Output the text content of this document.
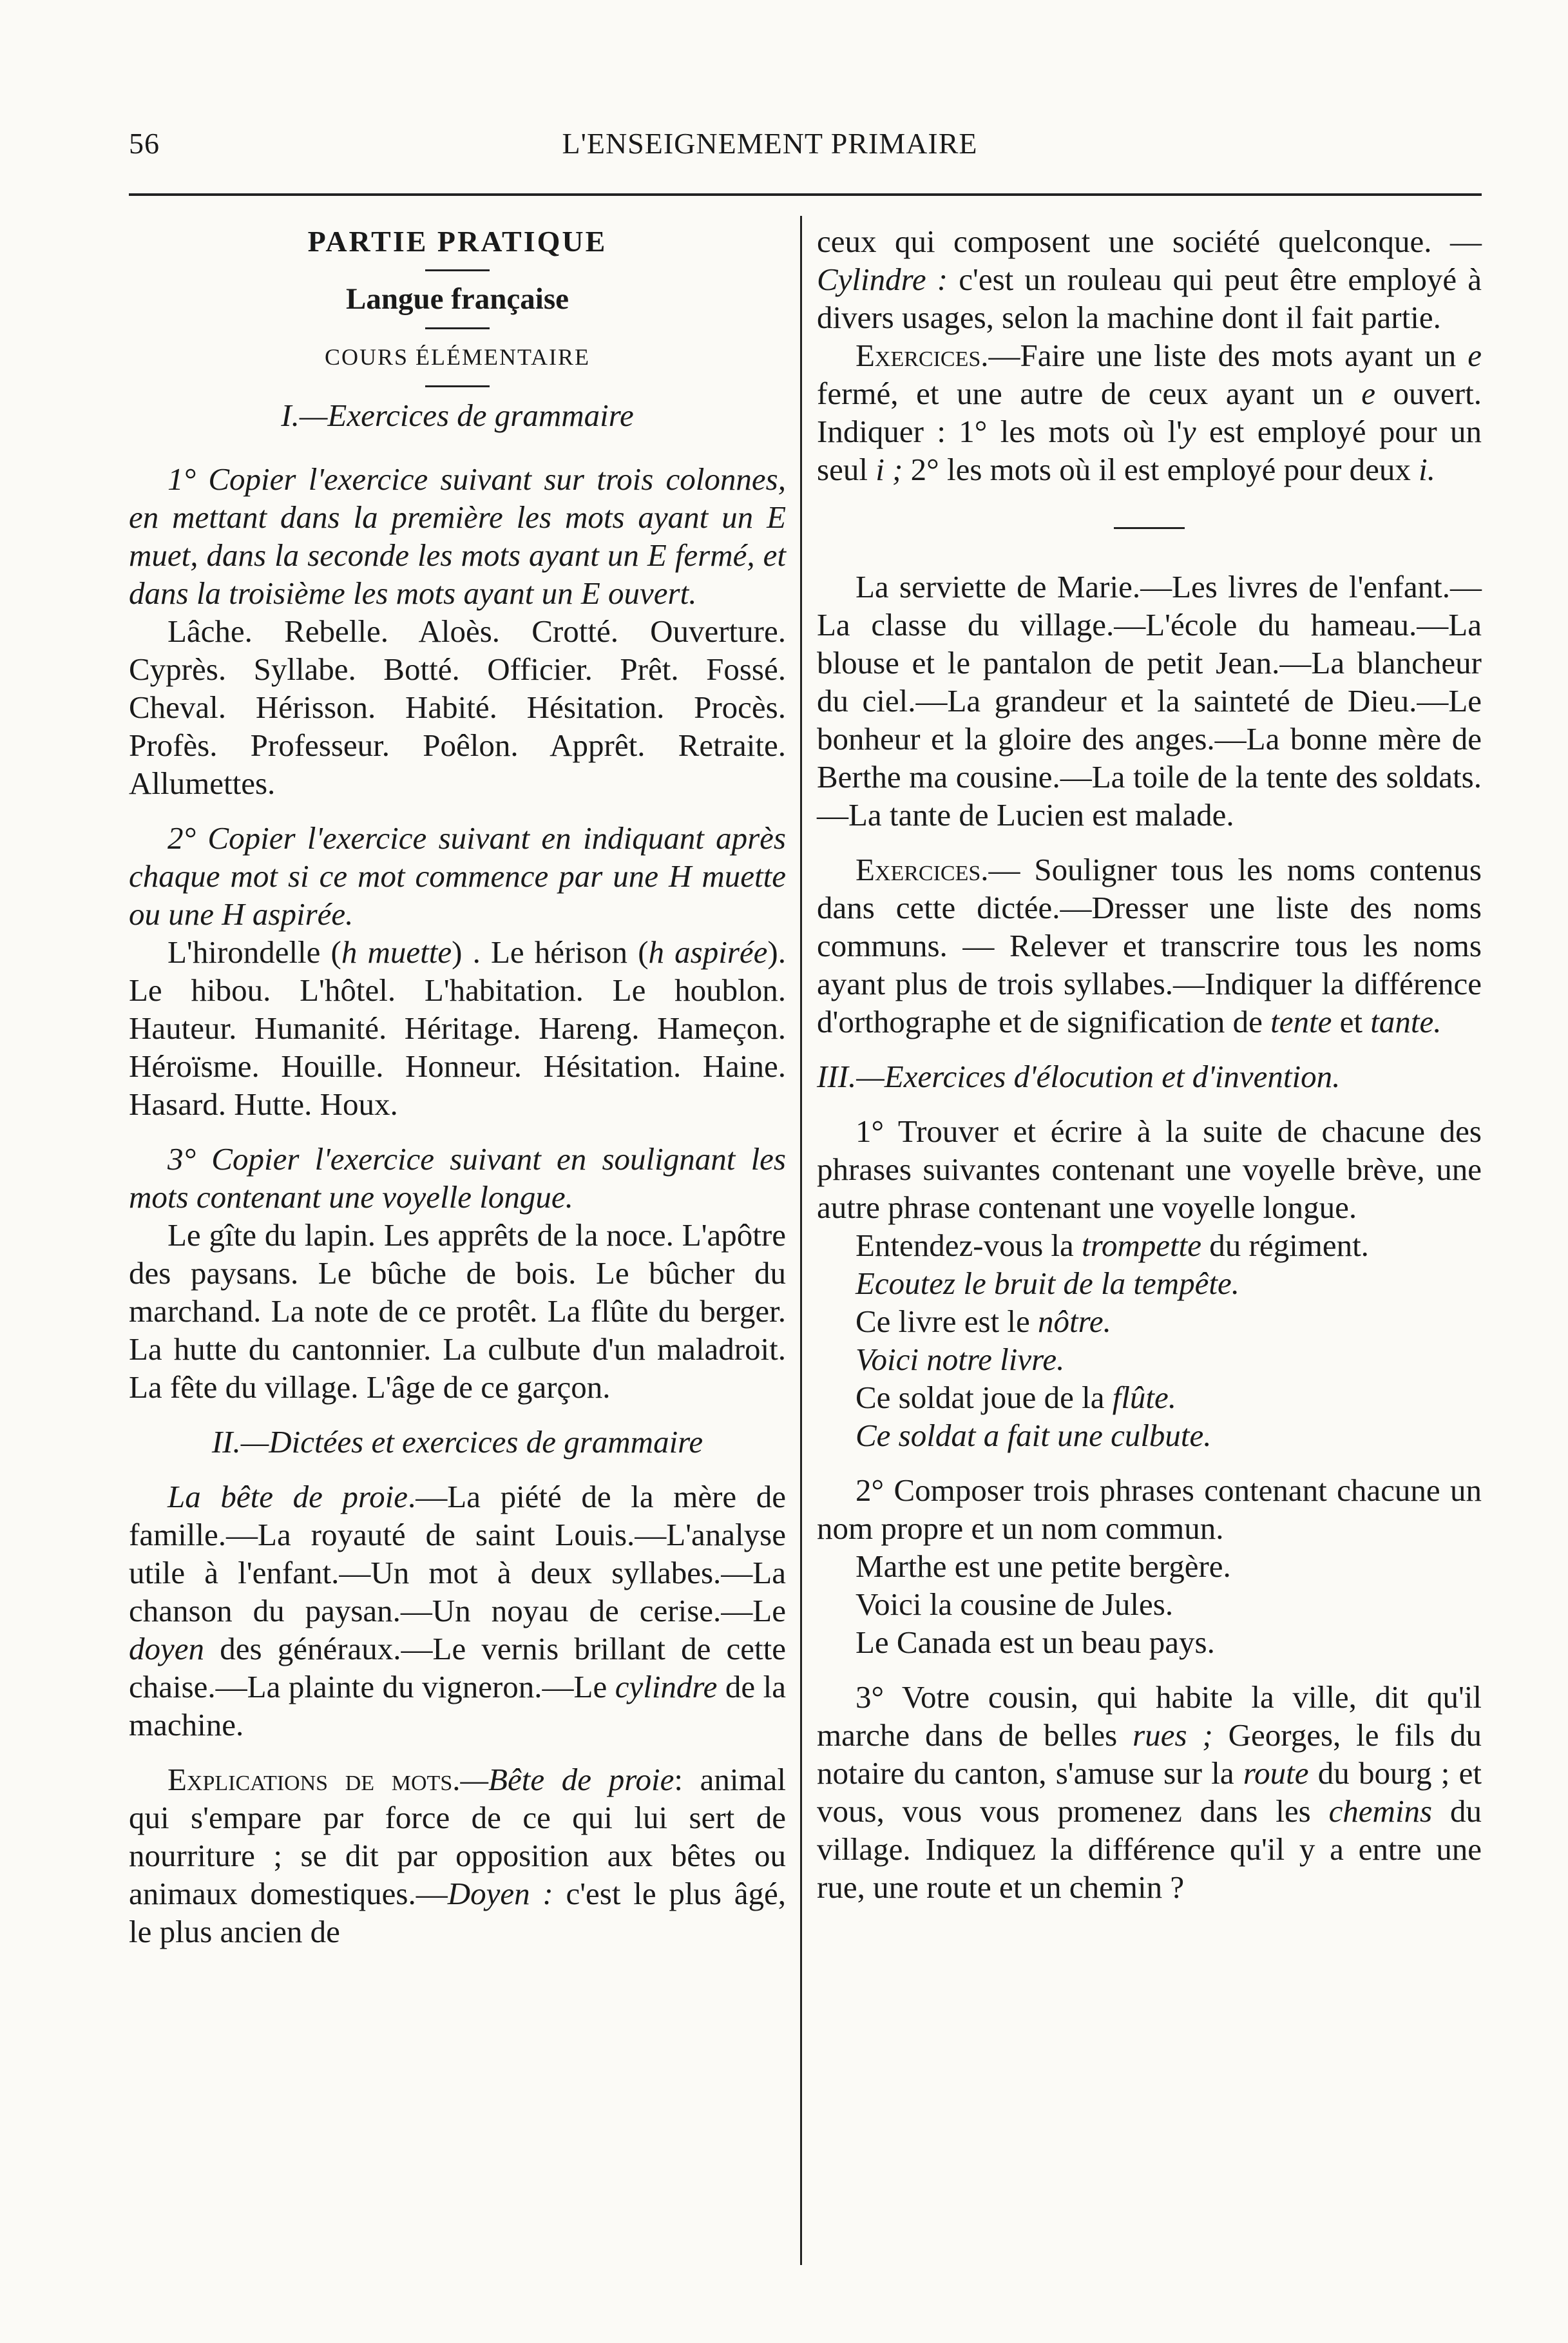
56	L'ENSEIGNEMENT PRIMAIRE

PARTIE PRATIQUE

Langue française

COURS ÉLÉMENTAIRE

I.—Exercices de grammaire

1° Copier l'exercice suivant sur trois colonnes, en mettant dans la première les mots ayant un E muet, dans la seconde les mots ayant un E fermé, et dans la troisième les mots ayant un E ouvert.

Lâche. Rebelle. Aloès. Crotté. Ouverture. Cyprès. Syllabe. Botté. Officier. Prêt. Fossé. Cheval. Hérisson. Habité. Hésitation. Procès. Profès. Professeur. Poêlon. Apprêt. Retraite. Allumettes.

2° Copier l'exercice suivant en indiquant après chaque mot si ce mot commence par une H muette ou une H aspirée.

L'hirondelle (h muette) . Le hérison (h aspirée). Le hibou. L'hôtel. L'habitation. Le houblon. Hauteur. Humanité. Héritage. Hareng. Hameçon. Héroïsme. Houille. Honneur. Hésitation. Haine. Hasard. Hutte. Houx.

3° Copier l'exercice suivant en soulignant les mots contenant une voyelle longue.

Le gîte du lapin. Les apprêts de la noce. L'apôtre des paysans. Le bûche de bois. Le bûcher du marchand. La note de ce protêt. La flûte du berger. La hutte du cantonnier. La culbute d'un maladroit. La fête du village. L'âge de ce garçon.

II.—Dictées et exercices de grammaire

La bête de proie.—La piété de la mère de famille.—La royauté de saint Louis.—L'analyse utile à l'enfant.—Un mot à deux syllabes.—La chanson du paysan.—Un noyau de cerise.—Le doyen des généraux.—Le vernis brillant de cette chaise.—La plainte du vigneron.—Le cylindre de la machine.

Explications de mots.—Bête de proie: animal qui s'empare par force de ce qui lui sert de nourriture ; se dit par opposition aux bêtes ou animaux domestiques.—Doyen : c'est le plus âgé, le plus ancien de

ceux qui composent une société quelconque. —Cylindre : c'est un rouleau qui peut être employé à divers usages, selon la machine dont il fait partie.

Exercices.—Faire une liste des mots ayant un e fermé, et une autre de ceux ayant un e ouvert. Indiquer : 1° les mots où l'y est employé pour un seul i ; 2° les mots où il est employé pour deux i.

La serviette de Marie.—Les livres de l'enfant.—La classe du village.—L'école du hameau.—La blouse et le pantalon de petit Jean.—La blancheur du ciel.—La grandeur et la sainteté de Dieu.—Le bonheur et la gloire des anges.—La bonne mère de Berthe ma cousine.—La toile de la tente des soldats.—La tante de Lucien est malade.

Exercices.— Souligner tous les noms contenus dans cette dictée.—Dresser une liste des noms communs. — Relever et transcrire tous les noms ayant plus de trois syllabes.—Indiquer la différence d'orthographe et de signification de tente et tante.

III.—Exercices d'élocution et d'invention.

1° Trouver et écrire à la suite de chacune des phrases suivantes contenant une voyelle brève, une autre phrase contenant une voyelle longue.

Entendez-vous la trompette du régiment.

Ecoutez le bruit de la tempête.

Ce livre est le nôtre.

Voici notre livre.

Ce soldat joue de la flûte.

Ce soldat a fait une culbute.

2° Composer trois phrases contenant chacune un nom propre et un nom commun.

Marthe est une petite bergère.

Voici la cousine de Jules.

Le Canada est un beau pays.

3° Votre cousin, qui habite la ville, dit qu'il marche dans de belles rues ; Georges, le fils du notaire du canton, s'amuse sur la route du bourg ; et vous, vous vous promenez dans les chemins du village. Indiquez la différence qu'il y a entre une rue, une route et un chemin ?
